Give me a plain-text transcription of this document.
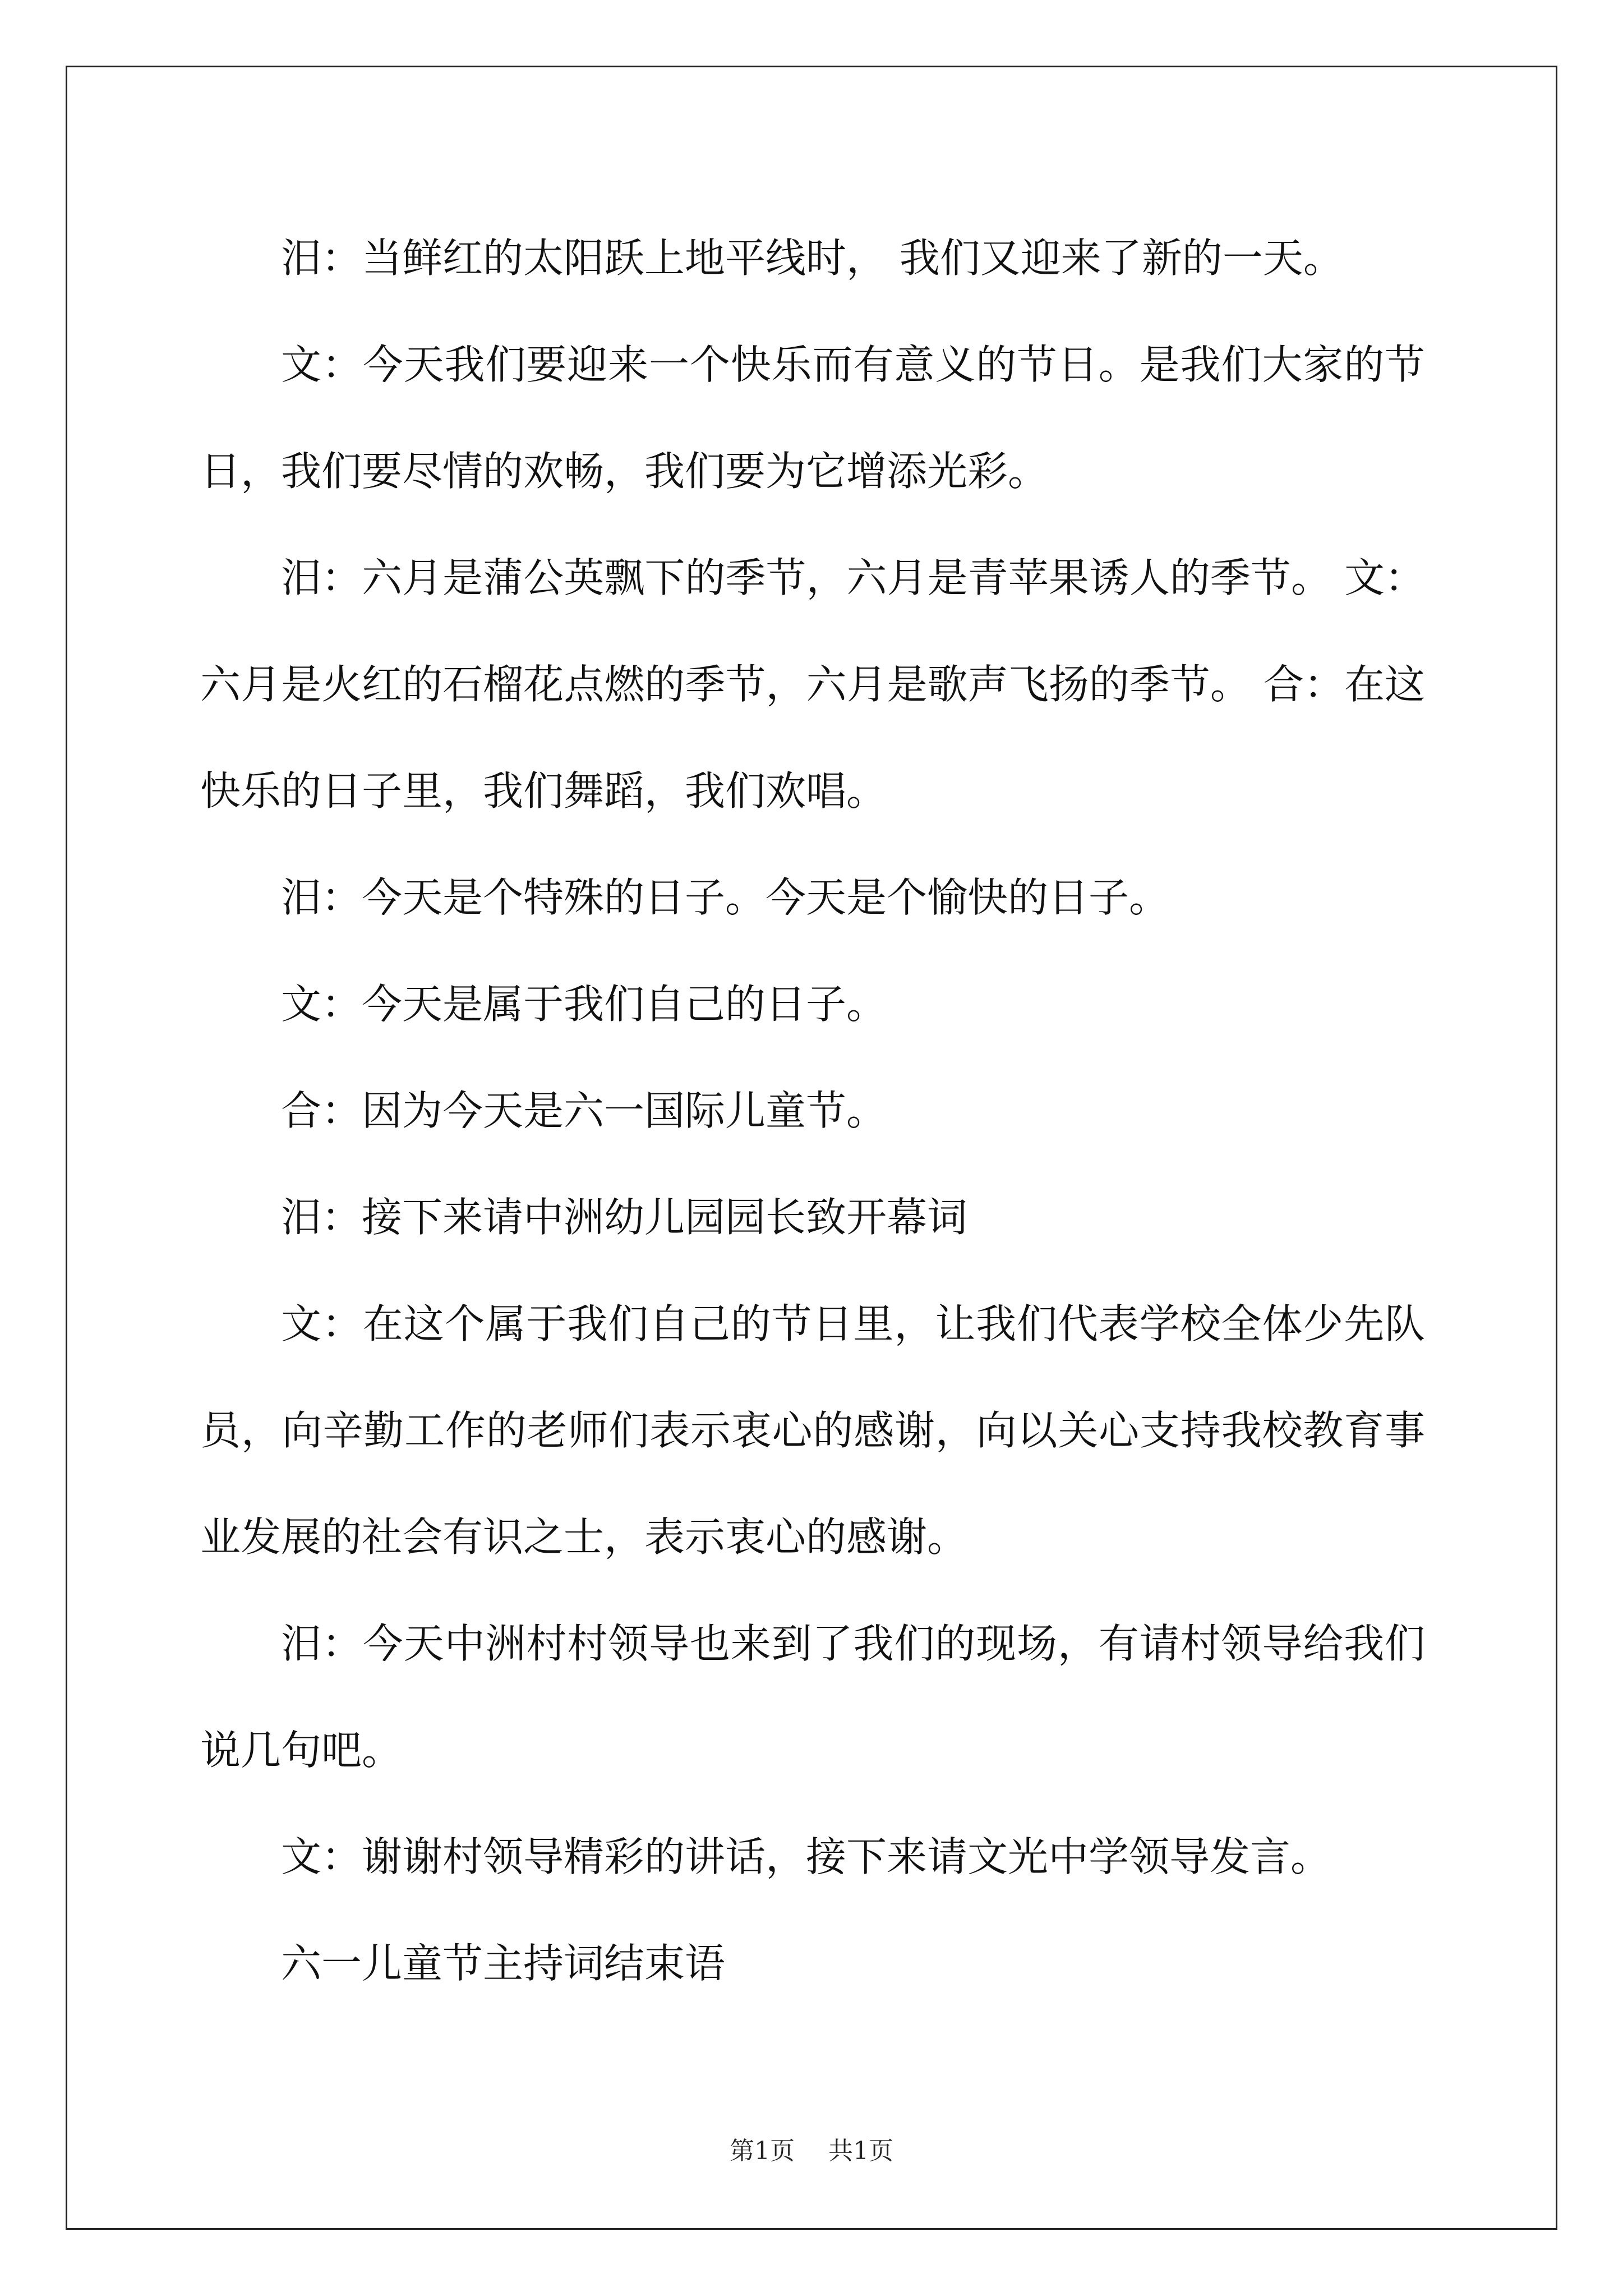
汨：当鲜红的太阳跃上地平线时， 我们又迎来了新的一天。

文：今天我们要迎来一个快乐而有意义的节日。是我们大家的节日，我们要尽情的欢畅，我们要为它增添光彩。

汨：六月是蒲公英飘下的季节，六月是青苹果诱人的季节。 文：六月是火红的石榴花点燃的季节，六月是歌声飞扬的季节。 合：在这快乐的日子里，我们舞蹈，我们欢唱。

汨：今天是个特殊的日子。今天是个愉快的日子。

文：今天是属于我们自己的日子。

合：因为今天是六一国际儿童节。

汨：接下来请中洲幼儿园园长致开幕词

文：在这个属于我们自己的节日里，让我们代表学校全体少先队员，向辛勤工作的老师们表示衷心的感谢，向以关心支持我校教育事业发展的社会有识之士，表示衷心的感谢。

汨：今天中洲村村领导也来到了我们的现场，有请村领导给我们说几句吧。

文：谢谢村领导精彩的讲话，接下来请文光中学领导发言。

六一儿童节主持词结束语

第1页 共1页
